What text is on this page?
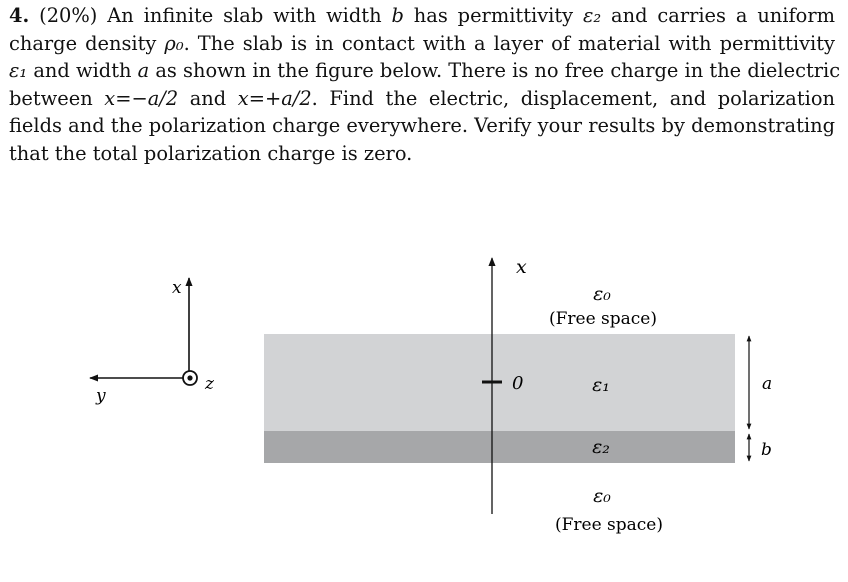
4. (20%) An infinite slab with width b has permittivity ε₂ and carries a uniform
charge density ρ₀. The slab is in contact with a layer of material with permittivity
ε₁ and width a as shown in the figure below. There is no free charge in the dielectric
between x=−a/2 and x=+a/2. Find the electric, displacement, and polarization
fields and the polarization charge everywhere. Verify your results by demonstrating
that the total polarization charge is zero.
x
y
z
x
0
ε₀
(Free space)
ε₁
ε₂
ε₀
(Free space)
a
b
